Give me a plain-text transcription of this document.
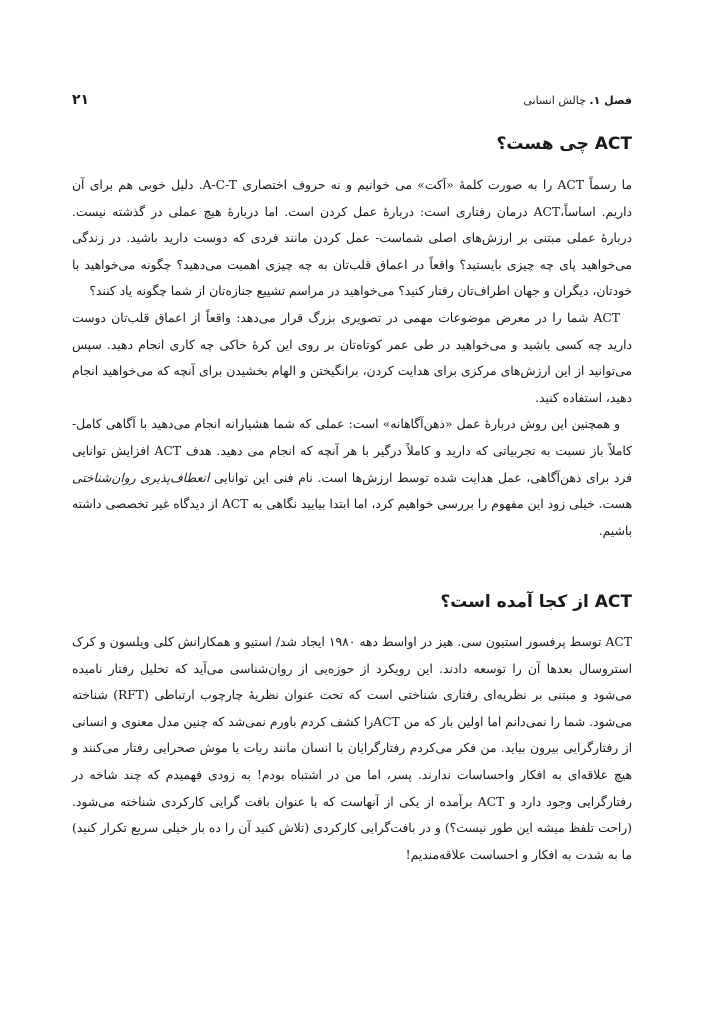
فصل ۱. چالش انسانی
۲۱
ACT چی هست؟

ما رسماً ACT را به صورت کلمهٔ «اَکت» می خوانیم و نه حروف اختصاری A-C-T. دلیل خوبی هم برای آن داریم. اساساً،ACT درمان رفتاری است: دربارهٔ عمل کردن است. اما دربارهٔ هیچ عملی در گذشته نیست. دربارهٔ عملی مبتنی بر ارزش‌های اصلی شماست- عمل کردن مانند فردی که دوست دارید باشید. در زندگی می‌خواهید پای چه چیزی بایستید؟ واقعاً در اعماق قلب‌تان به چه چیزی اهمیت می‌دهید؟ چگونه می‌خواهید با خودتان، دیگران و جهان اطراف‌تان رفتار کنید؟ می‌خواهید در مراسم تشییع جنازه‌تان از شما چگونه یاد کنند؟

ACT شما را در معرض موضوعات مهمی در تصویری بزرگ قرار می‌دهد: واقعاً از اعماق قلب‌تان دوست دارید چه کسی باشید و می‌خواهید در طی عمر کوتاه‌تان بر روی این کرهٔ خاکی چه کاری انجام دهید. سپس می‌توانید از این ارزش‌های مرکزی برای هدایت کردن، برانگیختن و الهام بخشیدن برای آنچه که می‌خواهید انجام دهید، استفاده کنید.

و همچنین این روش دربارهٔ عمل «ذهن‌آگاهانه» است: عملی که شما هشیارانه انجام می‌دهید با آگاهی کامل- کاملاً باز نسبت به تجربیاتی که دارید و کاملاً درگیر با هر آنچه که انجام می دهید. هدف ACT افزایش توانایی فرد برای ذهن‌آگاهی، عمل هدایت شده توسط ارزش‌ها است. نام فنی این توانایی انعطاف‌پذیری روان‌شناختی هست. خیلی زود این مفهوم را بررسی خواهیم کرد، اما ابتدا بیایید نگاهی به ACT از دیدگاه غیر تخصصی داشته باشیم.

ACT از کجا آمده است؟

ACT توسط پرفسور استیون سی. هیز در اواسط دهه ۱۹۸۰ ایجاد شد/ استیو و همکارانش کلی ویلسون و کرک استروسال بعدها آن را توسعه دادند. این رویکرد از حوزه‌یی از روان‌شناسی می‌آید که تحلیل رفتار نامیده می‌شود و مبتنی بر نظریه‌ای رفتاری شناختی است که تحت عنوان نظریهٔ چارچوب ارتباطی (RFT) شناخته می‌شود. شما را نمی‌دانم اما اولین بار که من ACTرا کشف کردم باورم نمی‌شد که چنین مدل معنوی و انسانی از رفتارگرایی بیرون بیاید. من فکر می‌کردم رفتارگرایان با انسان مانند ربات یا موش صحرایی رفتار می‌کنند و هیچ علاقه‌ای به افکار واحساسات ندارند. پسر، اما من در اشتباه بودم! به زودی فهمیدم که چند شاخه در رفتارگرایی وجود دارد و ACT برآمده از یکی از آنهاست که با عنوان بافت گرایی کارکردی شناخته می‌شود. (راحت تلفظ میشه این طور نیست؟) و در بافت‌گرایی کارکردی (تلاش کنید آن را ده بار خیلی سریع تکرار کنید) ما به شدت به افکار و احساست علاقه‌مندیم!
